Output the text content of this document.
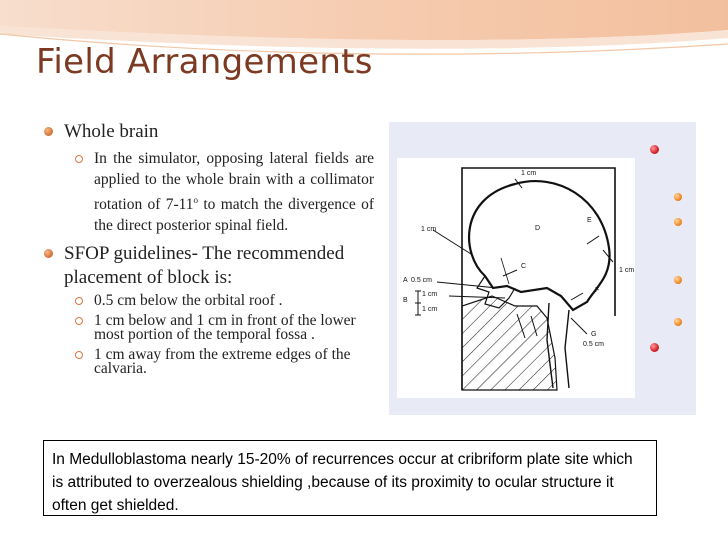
Field Arrangements
Whole brain
In the simulator, opposing lateral fields are applied to the whole brain with a collimator rotation of 7-11$^o$ to match the divergence of the direct posterior spinal field.
SFOP guidelines- The recommended placement of block is:
0.5 cm below the orbital roof .
1 cm below and 1 cm in front of the lower most portion of the temporal fossa .
1 cm away from the extreme edges of the calvaria.
1 cm
1 cm
1 cm
A 0.5 cm
B
1 cm
1 cm
C
D
E
F
G
0.5 cm
In Medulloblastoma nearly 15-20% of recurrences occur at cribriform plate site which is attributed to overzealous shielding ,because of its proximity to ocular structure it often get shielded.
